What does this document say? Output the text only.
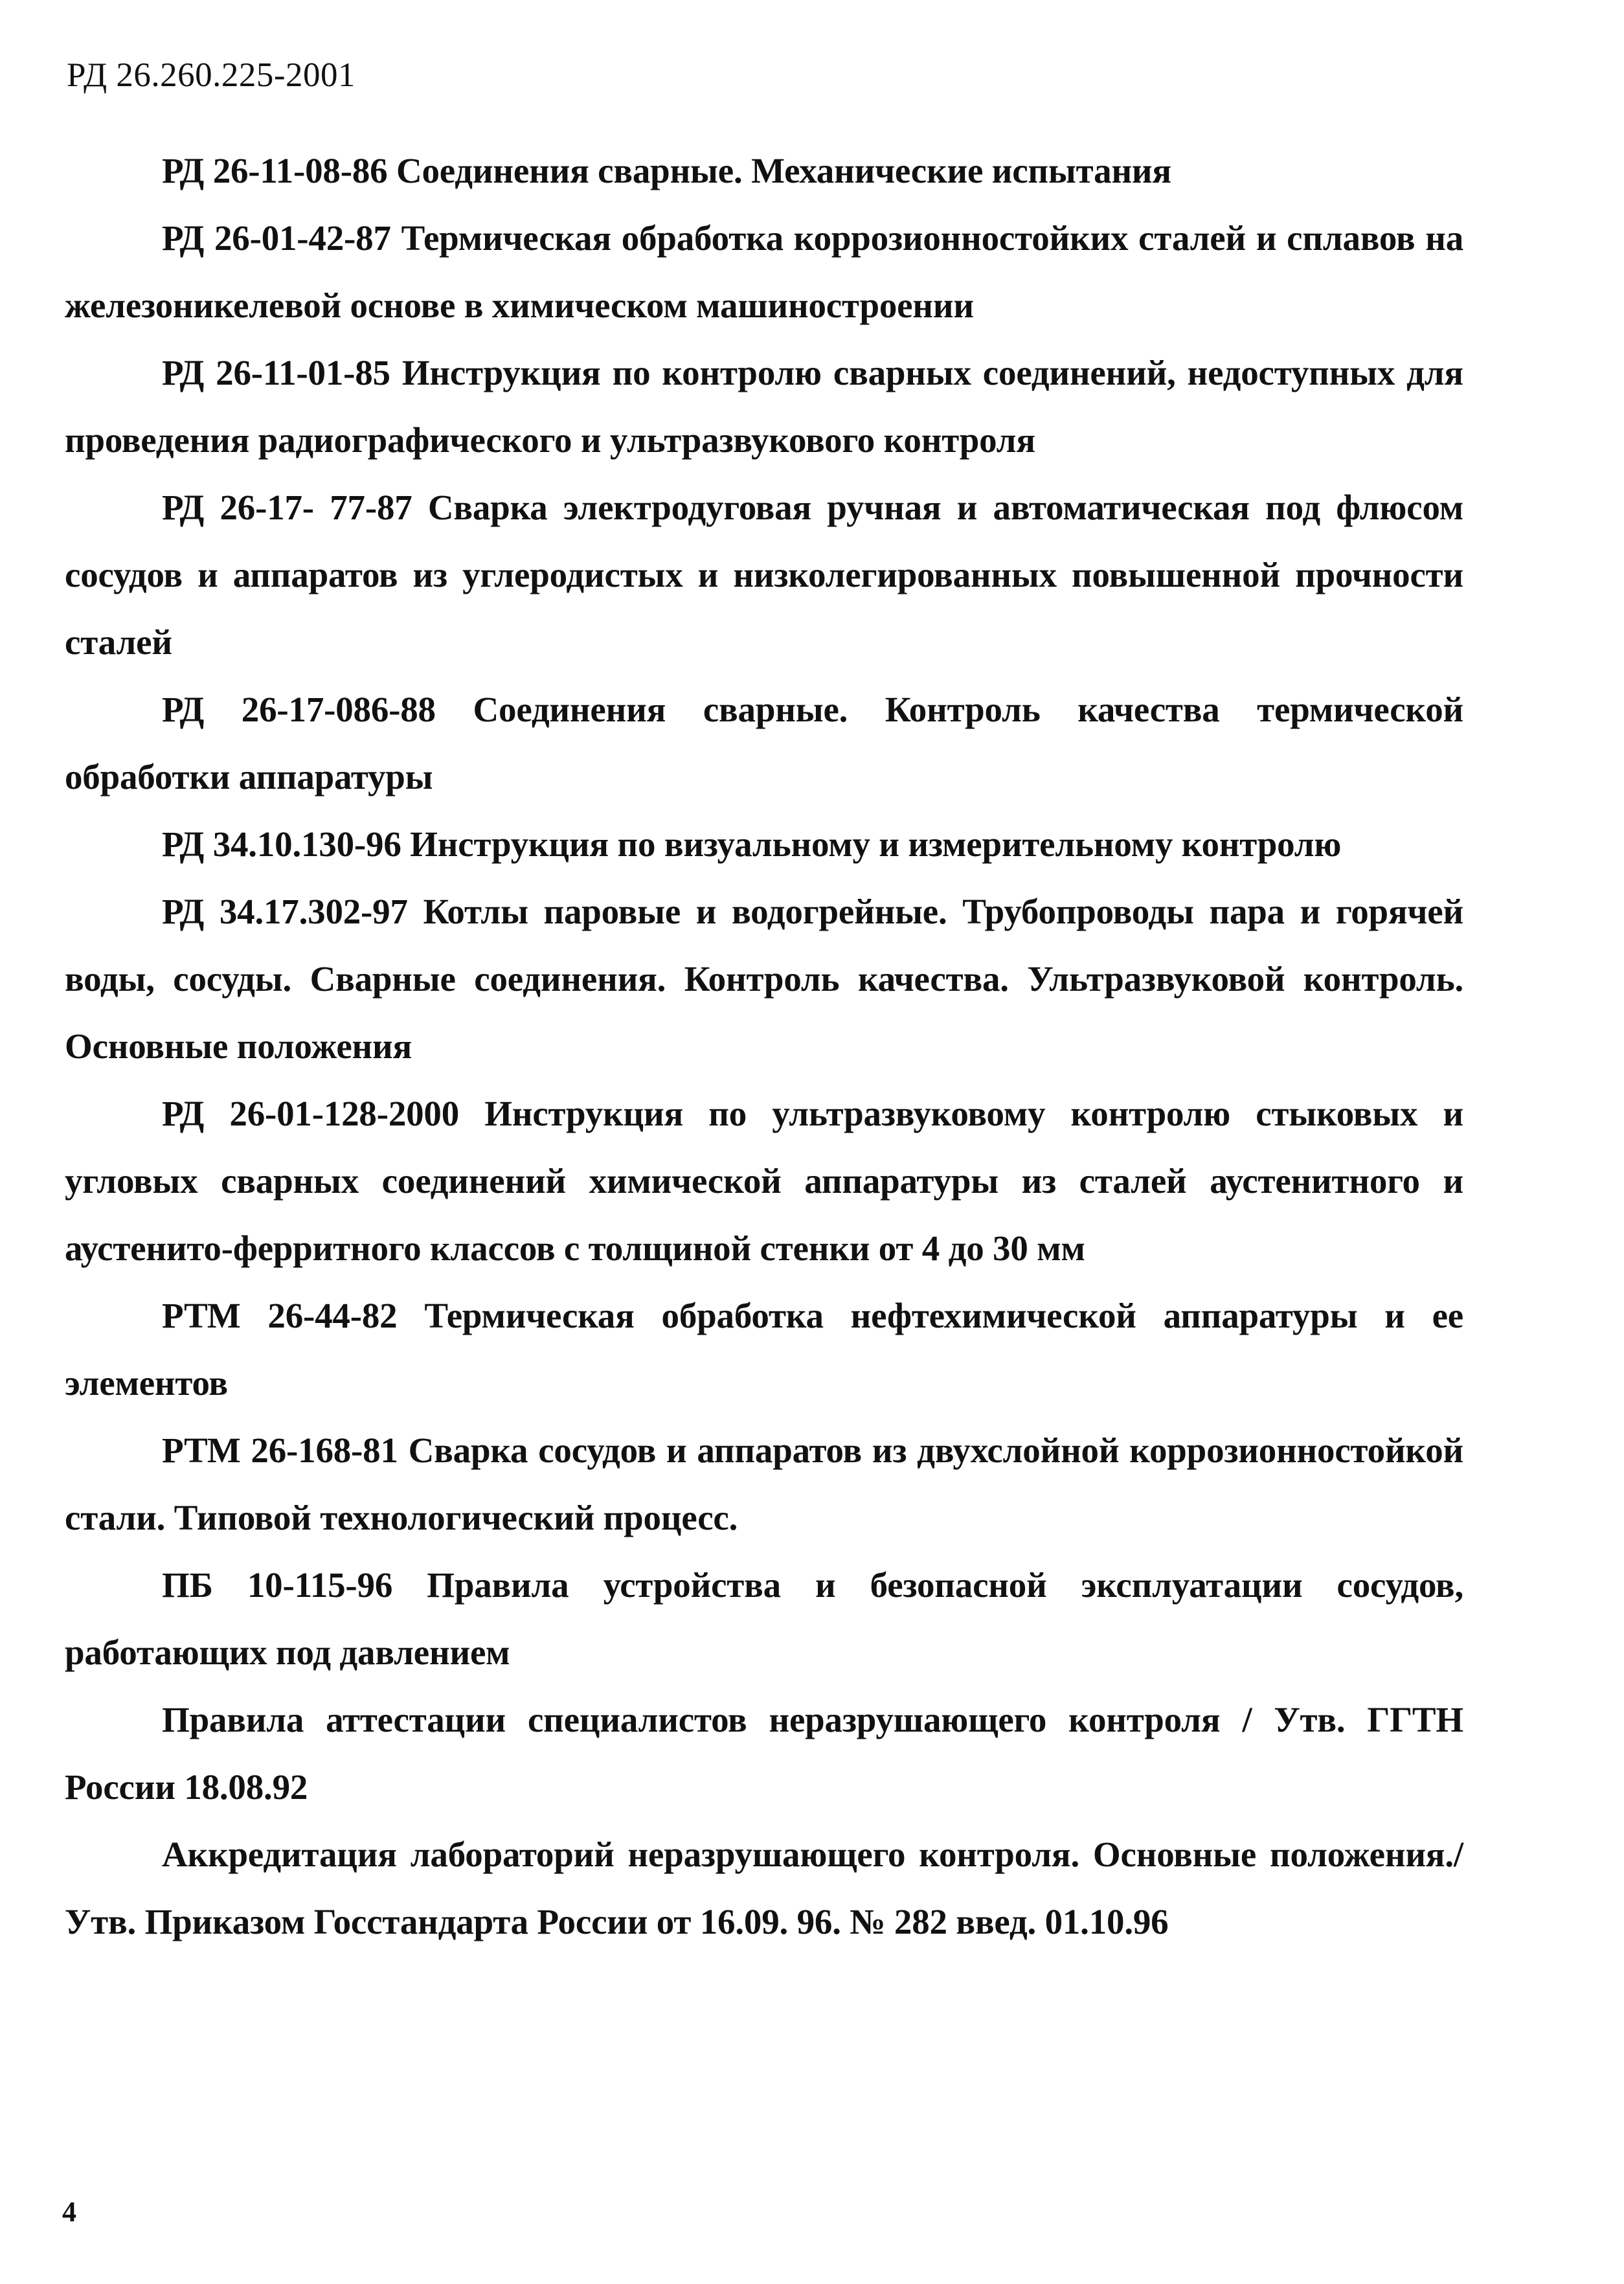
РД 26.260.225-2001

РД 26-11-08-86 Соединения сварные. Механические испытания

РД 26-01-42-87 Термическая обработка коррозионностойких сталей и сплавов на железоникелевой основе в химическом машиностроении

РД 26-11-01-85 Инструкция по контролю сварных соединений, недоступных для проведения радиографического и ультразвукового контроля

РД 26-17- 77-87 Сварка электродуговая ручная и автоматическая под флюсом сосудов и аппаратов из углеродистых и низколегированных повышенной прочности сталей

РД 26-17-086-88 Соединения сварные. Контроль качества термической обработки аппаратуры

РД 34.10.130-96 Инструкция по визуальному и измерительному контролю

РД 34.17.302-97 Котлы паровые и водогрейные. Трубопроводы пара и горячей воды, сосуды. Сварные соединения. Контроль качества. Ультразвуковой контроль. Основные положения

РД 26-01-128-2000 Инструкция по ультразвуковому контролю стыковых и угловых сварных соединений химической аппаратуры из сталей аустенитного и аустенито-ферритного классов с толщиной стенки от 4 до 30 мм

РТМ 26-44-82 Термическая обработка нефтехимической аппаратуры и ее элементов

РТМ 26-168-81 Сварка сосудов и аппаратов из двухслойной коррозионностойкой стали. Типовой технологический процесс.

ПБ 10-115-96 Правила устройства и безопасной эксплуатации сосудов, работающих под давлением

Правила аттестации специалистов неразрушающего контроля / Утв. ГГТН России 18.08.92

Аккредитация лабораторий неразрушающего контроля. Основные положения./Утв. Приказом Госстандарта России от 16.09. 96. № 282 введ. 01.10.96

4
